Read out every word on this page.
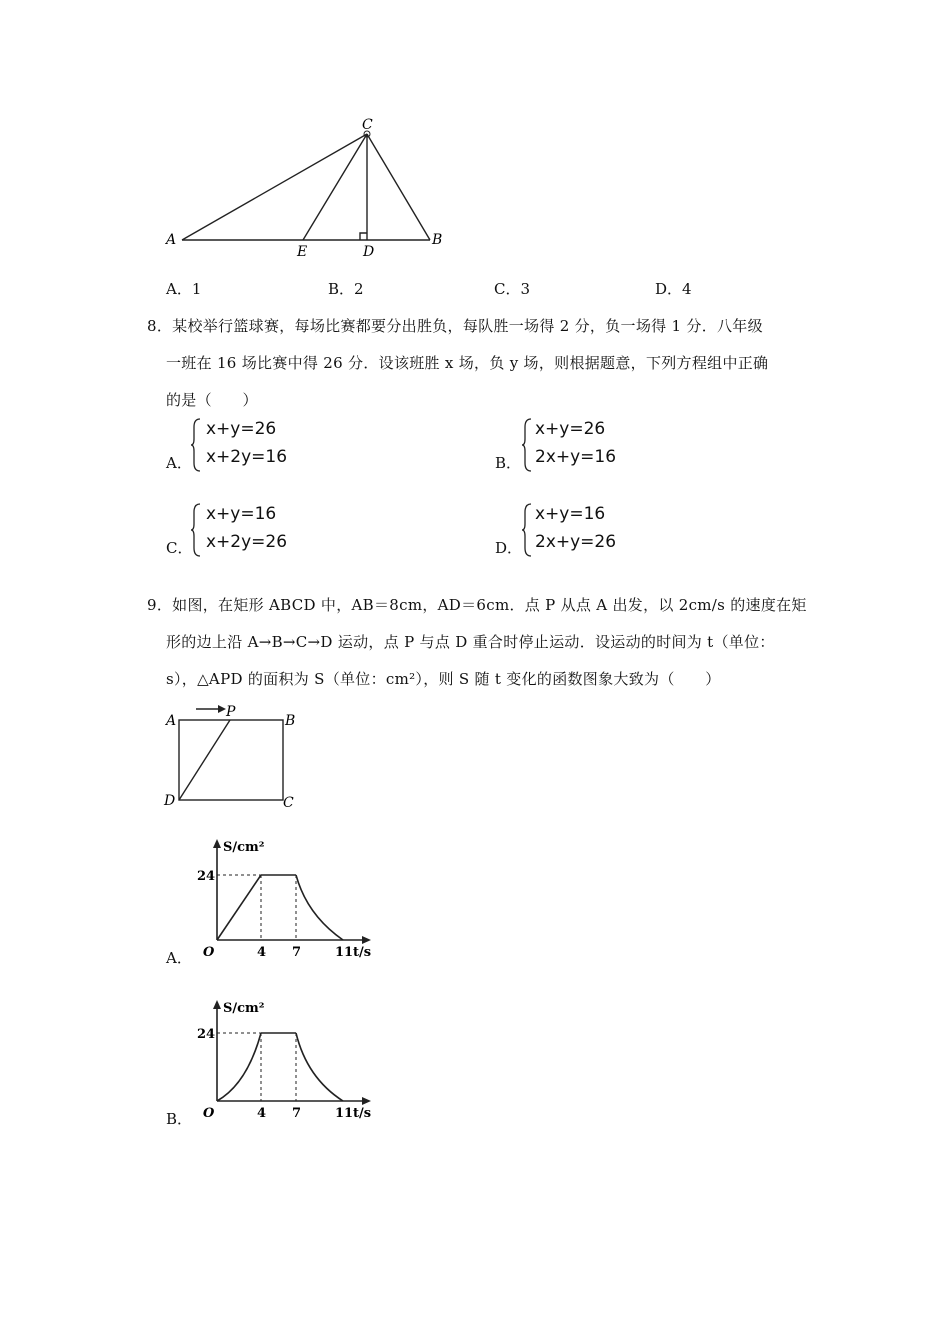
A
C
E	D
B
A．1	B．2	C．3	D．4
8．某校举行篮球赛，每场比赛都要分出胜负，每队胜一场得 2 分，负一场得 1 分．八年级
一班在 16 场比赛中得 26 分．设该班胜 x 场，负 y 场，则根据题意，下列方程组中正确
的是（　　）
A．
x+y=26
x+2y=16	B．
x+y=26
2x+y=16
C．
x+y=16
x+2y=26	D．
x+y=16
2x+y=26
9．如图，在矩形 ABCD 中，AB＝8cm，AD＝6cm．点 P 从点 A 出发，以 2cm/s 的速度在矩
形的边上沿 A→B→C→D 运动，点 P 与点 D 重合时停止运动．设运动的时间为 t（单位：
s），△APD 的面积为 S（单位：cm²），则 S 随 t 变化的函数图象大致为（　　）
A
P
B
D	C
A．
S/cm²
24
O	4 7	11 t/s
B．
S/cm²
24
O	4 7	11 t/s
